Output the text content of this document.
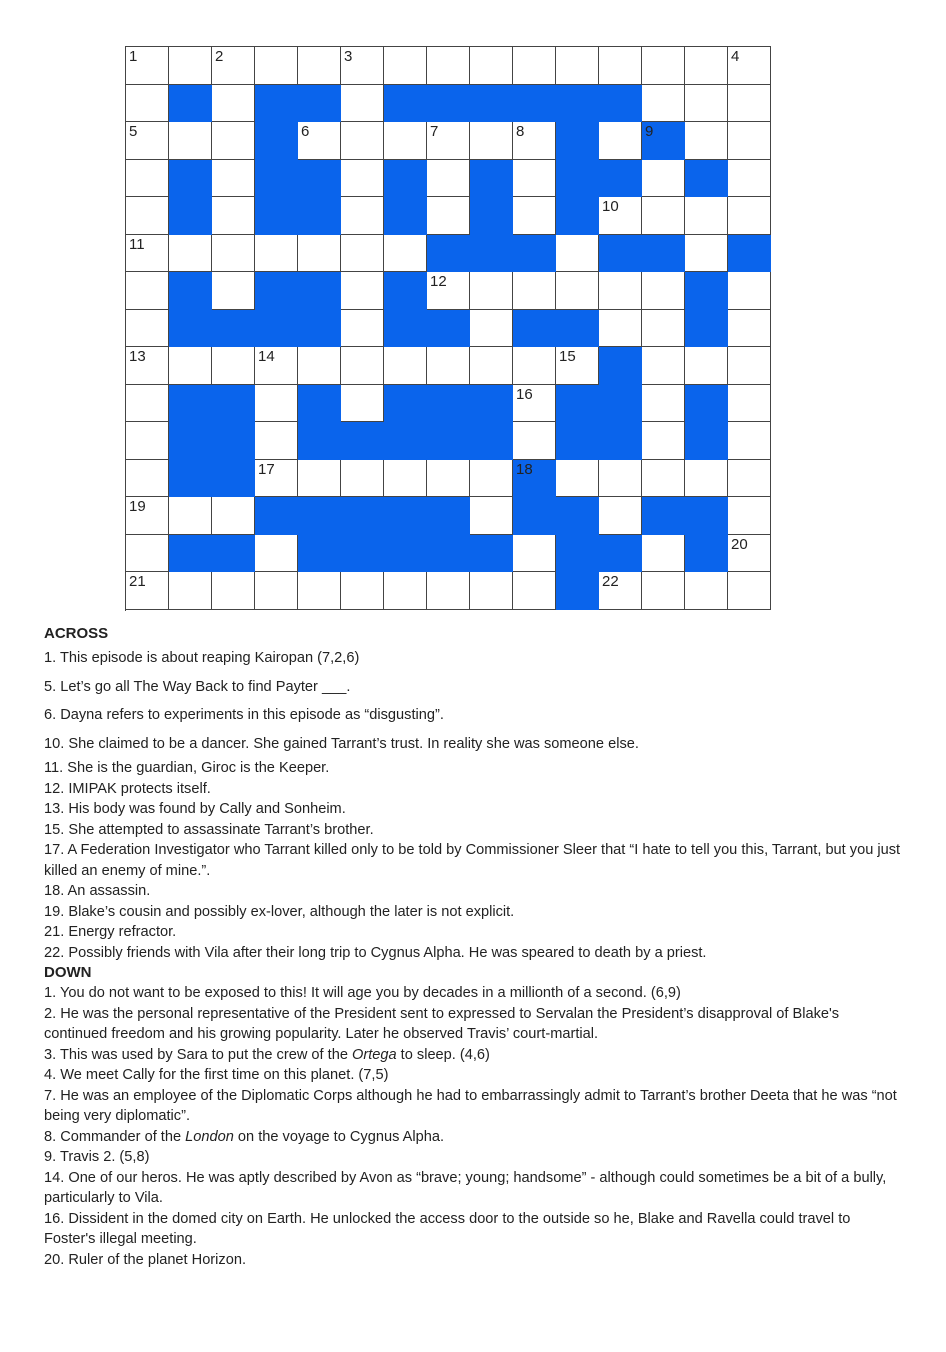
1	2	3	4
5	6	7	8	9
10
11
12
13	14	15
16
17	18
19
20
21	22

ACROSS

1. This episode is about reaping Kairopan (7,2,6)

5. Let’s go all The Way Back to find Payter ___.

6. Dayna refers to experiments in this episode as “disgusting”.

10. She claimed to be a dancer. She gained Tarrant’s trust. In reality she was someone else.

11. She is the guardian, Giroc is the Keeper.

12. IMIPAK protects itself.

13. His body was found by Cally and Sonheim.

15. She attempted to assassinate Tarrant’s brother.

17. A Federation Investigator who Tarrant killed only to be told by Commissioner Sleer that “I hate to tell you this, Tarrant, but you just killed an enemy of mine.”.

18. An assassin.

19. Blake’s cousin and possibly ex-lover, although the later is not explicit.

21. Energy refractor.

22. Possibly friends with Vila after their long trip to Cygnus Alpha. He was speared to death by a priest.

DOWN

1. You do not want to be exposed to this! It will age you by decades in a millionth of a second. (6,9)

2. He was the personal representative of the President sent to expressed to Servalan the President’s disapproval of Blake's continued freedom and his growing popularity. Later he observed Travis’ court-martial.

3. This was used by Sara to put the crew of the Ortega to sleep. (4,6)

4. We meet Cally for the first time on this planet. (7,5)

7. He was an employee of the Diplomatic Corps although he had to embarrassingly admit to Tarrant’s brother Deeta that he was “not being very diplomatic”.

8. Commander of the London on the voyage to Cygnus Alpha.

9. Travis 2. (5,8)

14. One of our heros. He was aptly described by Avon as “brave; young; handsome” - although could sometimes be a bit of a bully, particularly to Vila.

16. Dissident in the domed city on Earth. He unlocked the access door to the outside so he, Blake and Ravella could travel to Foster's illegal meeting.

20. Ruler of the planet Horizon.
